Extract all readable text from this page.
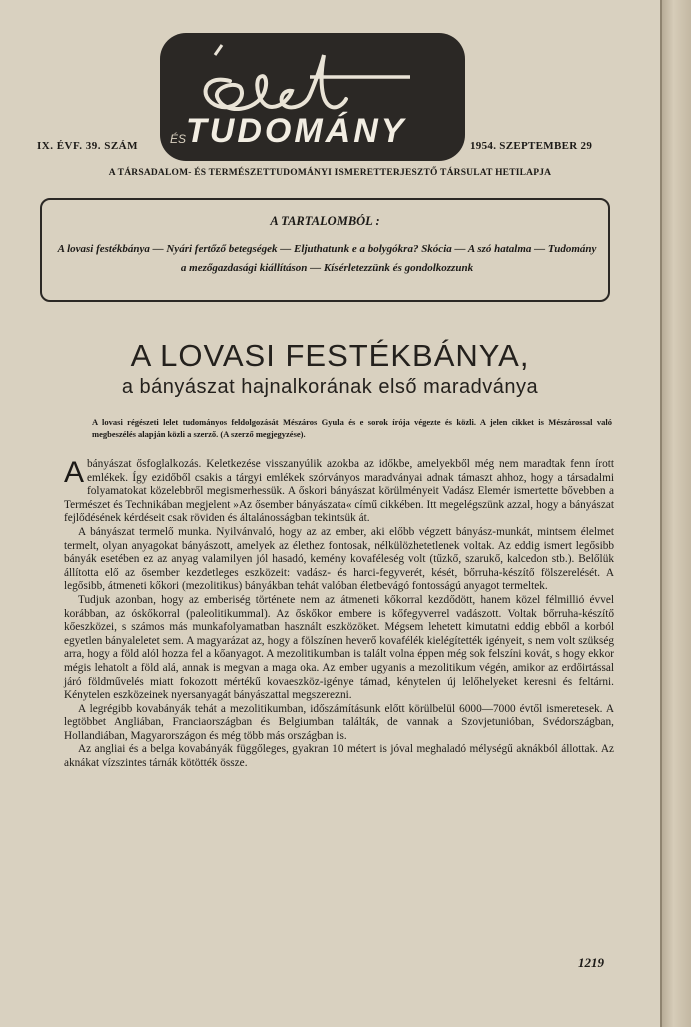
ÉS TUDOMÁNY
IX. ÉVF. 39. SZÁM	1954. SZEPTEMBER 29
A TÁRSADALOM- ÉS TERMÉSZETTUDOMÁNYI ISMERETTERJESZTŐ TÁRSULAT HETILAPJA
A TARTALOMBÓL :
A lovasi festékbánya — Nyári fertőző betegségek — Eljuthatunk e a bolygókra? Skócia — A szó hatalma — Tudomány a mezőgazdasági kiállításon — Kísérletezzünk és gondolkozzunk
A LOVASI FESTÉKBÁNYA,
a bányászat hajnalkorának első maradványa
A lovasi régészeti lelet tudományos feldolgozását Mészáros Gyula és e sorok írója végezte és közli. A jelen cikket is Mészárossal való megbeszélés alapján közli a szerző. (A szerző megjegyzése).

Abányászat ősfoglalkozás. Keletkezése visszanyúlik azokba az időkbe, amelyekből még nem maradtak fenn írott emlékek. Így ezidőből csakis a tárgyi emlékek szórványos maradványai adnak támaszt ahhoz, hogy a társadalmi folyamatokat közelebbről megismerhessük. A őskori bányászat körülményeit Vadász Elemér ismertette bővebben a Természet és Technikában megjelent »Az ősember bányászata« című cikkében. Itt megelégszünk azzal, hogy a bányászat fejlődésének kérdéseit csak röviden és általánosságban tekintsük át.

A bányászat termelő munka. Nyilvánvaló, hogy az az ember, aki előbb végzett bányász-munkát, mintsem élelmet termelt, olyan anyagokat bányászott, amelyek az élethez fontosak, nélkülözhetetlenek voltak. Az eddig ismert legősibb bányák esetében ez az anyag valamilyen jól hasadó, kemény kovaféleség volt (tűzkő, szarukő, kalcedon stb.). Belőlük állította elő az ősember kezdetleges eszközeit: vadász- és harci-fegyverét, kését, bőrruha-készítő fölszerelését. A legősibb, átmeneti kőkori (mezolitikus) bányákban tehát valóban életbevágó fontosságú anyagot termeltek.

Tudjuk azonban, hogy az emberiség története nem az átmeneti kőkorral kezdődött, hanem közel félmillió évvel korábban, az óskőkorral (paleolitikummal). Az őskőkor embere is kőfegyverrel vadászott. Voltak bőrruha-készítő kőeszközei, s számos más munkafolyamatban használt eszközöket. Mégsem lehetett kimutatni eddig ebből a korból egyetlen bányaleletet sem. A magyarázat az, hogy a fölszínen heverő kovafélék kielégítették igényeit, s nem volt szükség arra, hogy a föld alól hozza fel a kőanyagot. A mezolitikumban is talált volna éppen még sok felszíni kovát, s hogy ekkor mégis lehatolt a föld alá, annak is megvan a maga oka. Az ember ugyanis a mezolitikum végén, amikor az erdőirtással járó földművelés miatt fokozott mértékű kovaeszköz-igénye támad, kénytelen új lelőhelyeket keresni és feltárni. Kénytelen eszközeinek nyersanyagát bányászattal megszerezni.

A legrégibb kovabányák tehát a mezolitikumban, időszámításunk előtt körülbelül 6000—7000 évtől ismeretesek. A legtöbbet Angliában, Franciaországban és Belgiumban találták, de vannak a Szovjetunióban, Svédországban, Hollandiában, Magyarországon és még több más országban is.

Az angliai és a belga kovabányák függőleges, gyakran 10 métert is jóval meghaladó mélységű aknákból állottak. Az aknákat vízszintes tárnák kötötték össze.

1219
